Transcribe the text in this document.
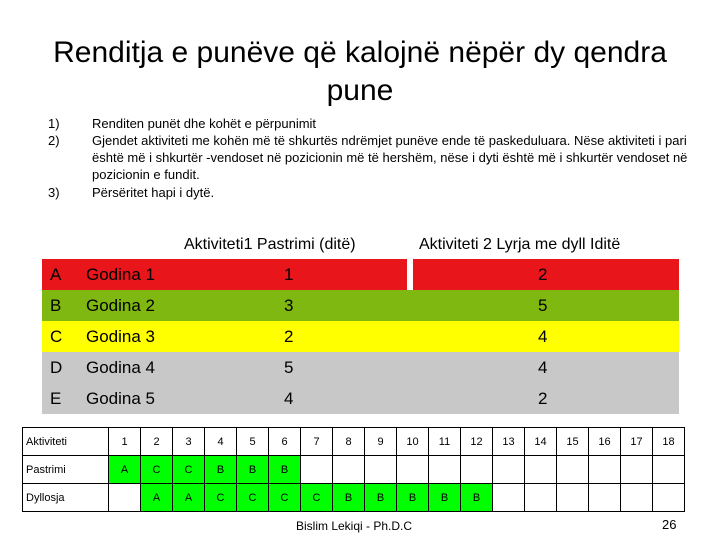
Renditja e punëve që kalojnë nëpër dy qendra pune
1)	Renditen punët dhe kohët e përpunimit
2)	Gjendet aktiviteti me kohën më të shkurtës ndrëmjet punëve ende të paskeduluara. Nëse aktiviteti i pari është më i shkurtër -vendoset në pozicionin më të hershëm, nëse i dyti është më i shkurtër vendoset në pozicionin e fundit.
3)	Përsëritet hapi i dytë.
Aktiviteti1 Pastrimi (ditë)	Aktiviteti 2 Lyrja me dyll Iditë
A Godina 1	1	2
B Godina 2	3	5
C Godina 3	2	4
D Godina 4	5	4
E Godina 5	4	2
Aktiviteti	1	2	3	4	5	6	7	8	9	10	11	12	13	14	15	16	17	18
Pastrimi	A	C	C	B	B	B												
Dyllosja		A	A	C	C	C	C	B	B	B	B	B						
Bislim Lekiqi - Ph.D.C	26
